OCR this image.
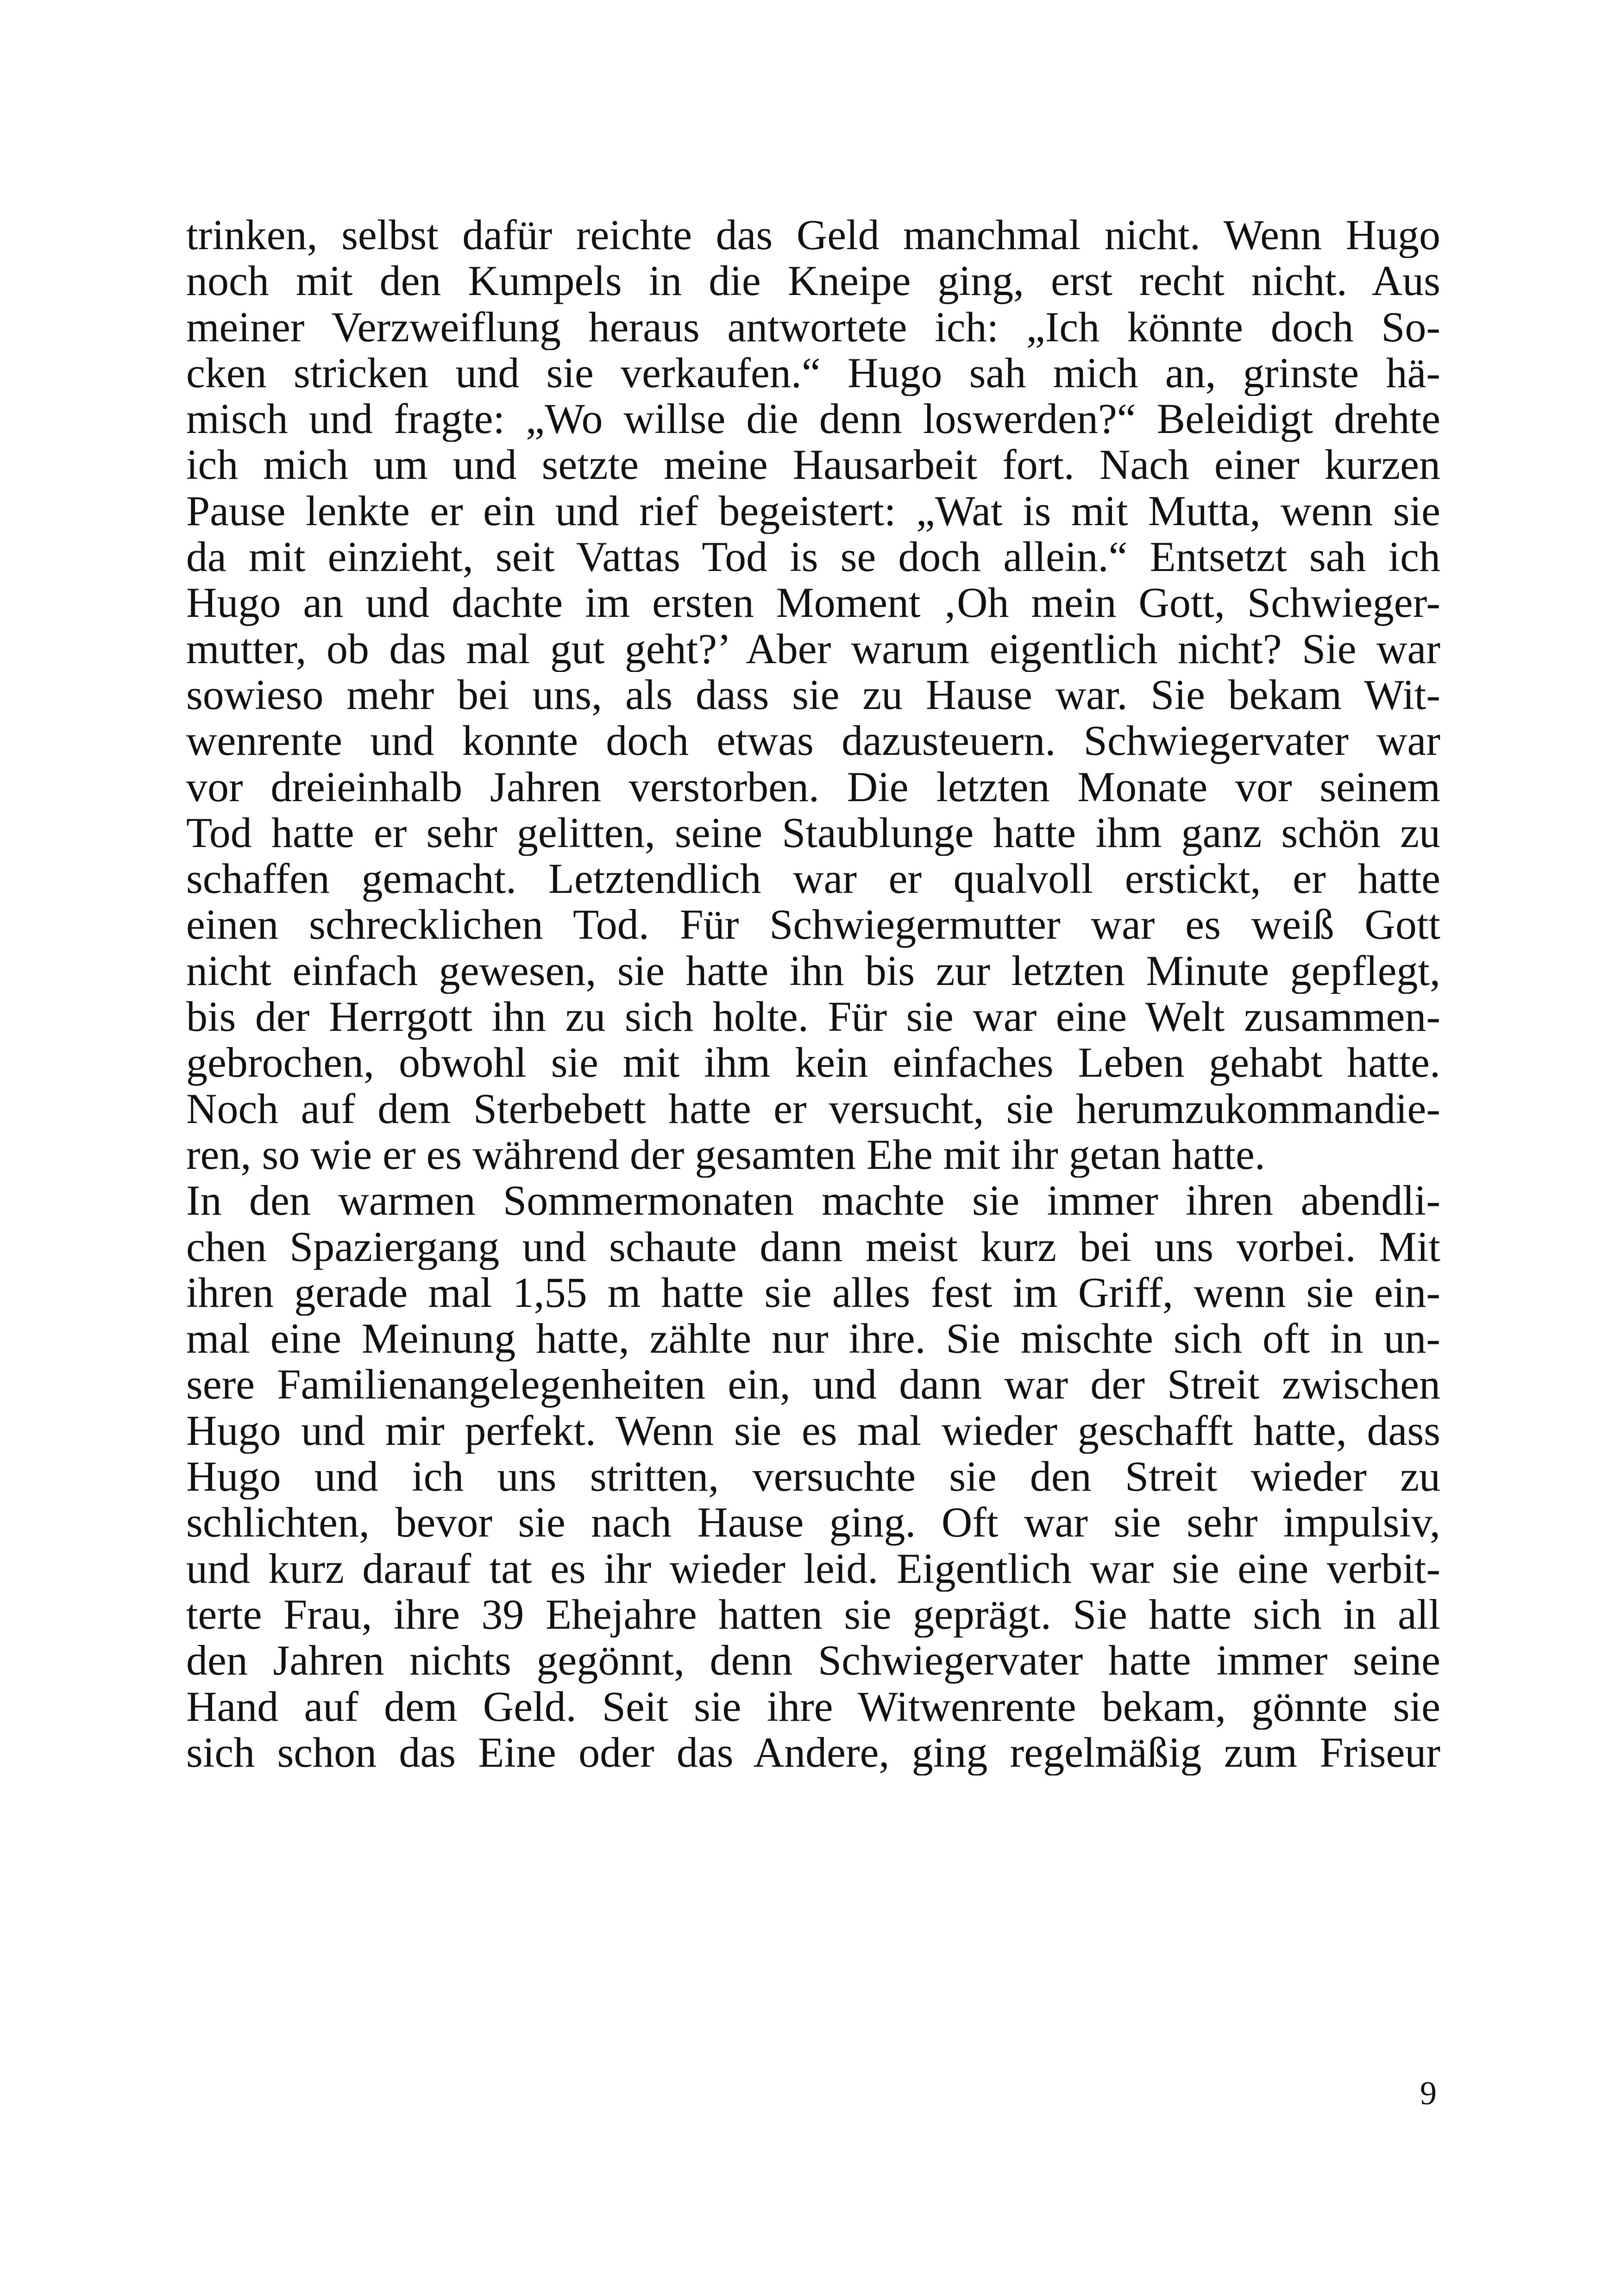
trinken, selbst dafür reichte das Geld manchmal nicht. Wenn Hugo
noch mit den Kumpels in die Kneipe ging, erst recht nicht. Aus
meiner Verzweiflung heraus antwortete ich: „Ich könnte doch So-
cken stricken und sie verkaufen.“ Hugo sah mich an, grinste hä-
misch und fragte: „Wo willse die denn loswerden?“ Beleidigt drehte
ich mich um und setzte meine Hausarbeit fort. Nach einer kurzen
Pause lenkte er ein und rief begeistert: „Wat is mit Mutta, wenn sie
da mit einzieht, seit Vattas Tod is se doch allein.“ Entsetzt sah ich
Hugo an und dachte im ersten Moment ‚Oh mein Gott, Schwieger-
mutter, ob das mal gut geht?’ Aber warum eigentlich nicht? Sie war
sowieso mehr bei uns, als dass sie zu Hause war. Sie bekam Wit-
wenrente und konnte doch etwas dazusteuern. Schwiegervater war
vor dreieinhalb Jahren verstorben. Die letzten Monate vor seinem
Tod hatte er sehr gelitten, seine Staublunge hatte ihm ganz schön zu
schaffen gemacht. Letztendlich war er qualvoll erstickt, er hatte
einen schrecklichen Tod. Für Schwiegermutter war es weiß Gott
nicht einfach gewesen, sie hatte ihn bis zur letzten Minute gepflegt,
bis der Herrgott ihn zu sich holte. Für sie war eine Welt zusammen-
gebrochen, obwohl sie mit ihm kein einfaches Leben gehabt hatte.
Noch auf dem Sterbebett hatte er versucht, sie herumzukommandie-
ren, so wie er es während der gesamten Ehe mit ihr getan hatte.
In den warmen Sommermonaten machte sie immer ihren abendli-
chen Spaziergang und schaute dann meist kurz bei uns vorbei. Mit
ihren gerade mal 1,55 m hatte sie alles fest im Griff, wenn sie ein-
mal eine Meinung hatte, zählte nur ihre. Sie mischte sich oft in un-
sere Familienangelegenheiten ein, und dann war der Streit zwischen
Hugo und mir perfekt. Wenn sie es mal wieder geschafft hatte, dass
Hugo und ich uns stritten, versuchte sie den Streit wieder zu
schlichten, bevor sie nach Hause ging. Oft war sie sehr impulsiv,
und kurz darauf tat es ihr wieder leid. Eigentlich war sie eine verbit-
terte Frau, ihre 39 Ehejahre hatten sie geprägt. Sie hatte sich in all
den Jahren nichts gegönnt, denn Schwiegervater hatte immer seine
Hand auf dem Geld. Seit sie ihre Witwenrente bekam, gönnte sie
sich schon das Eine oder das Andere, ging regelmäßig zum Friseur
9
